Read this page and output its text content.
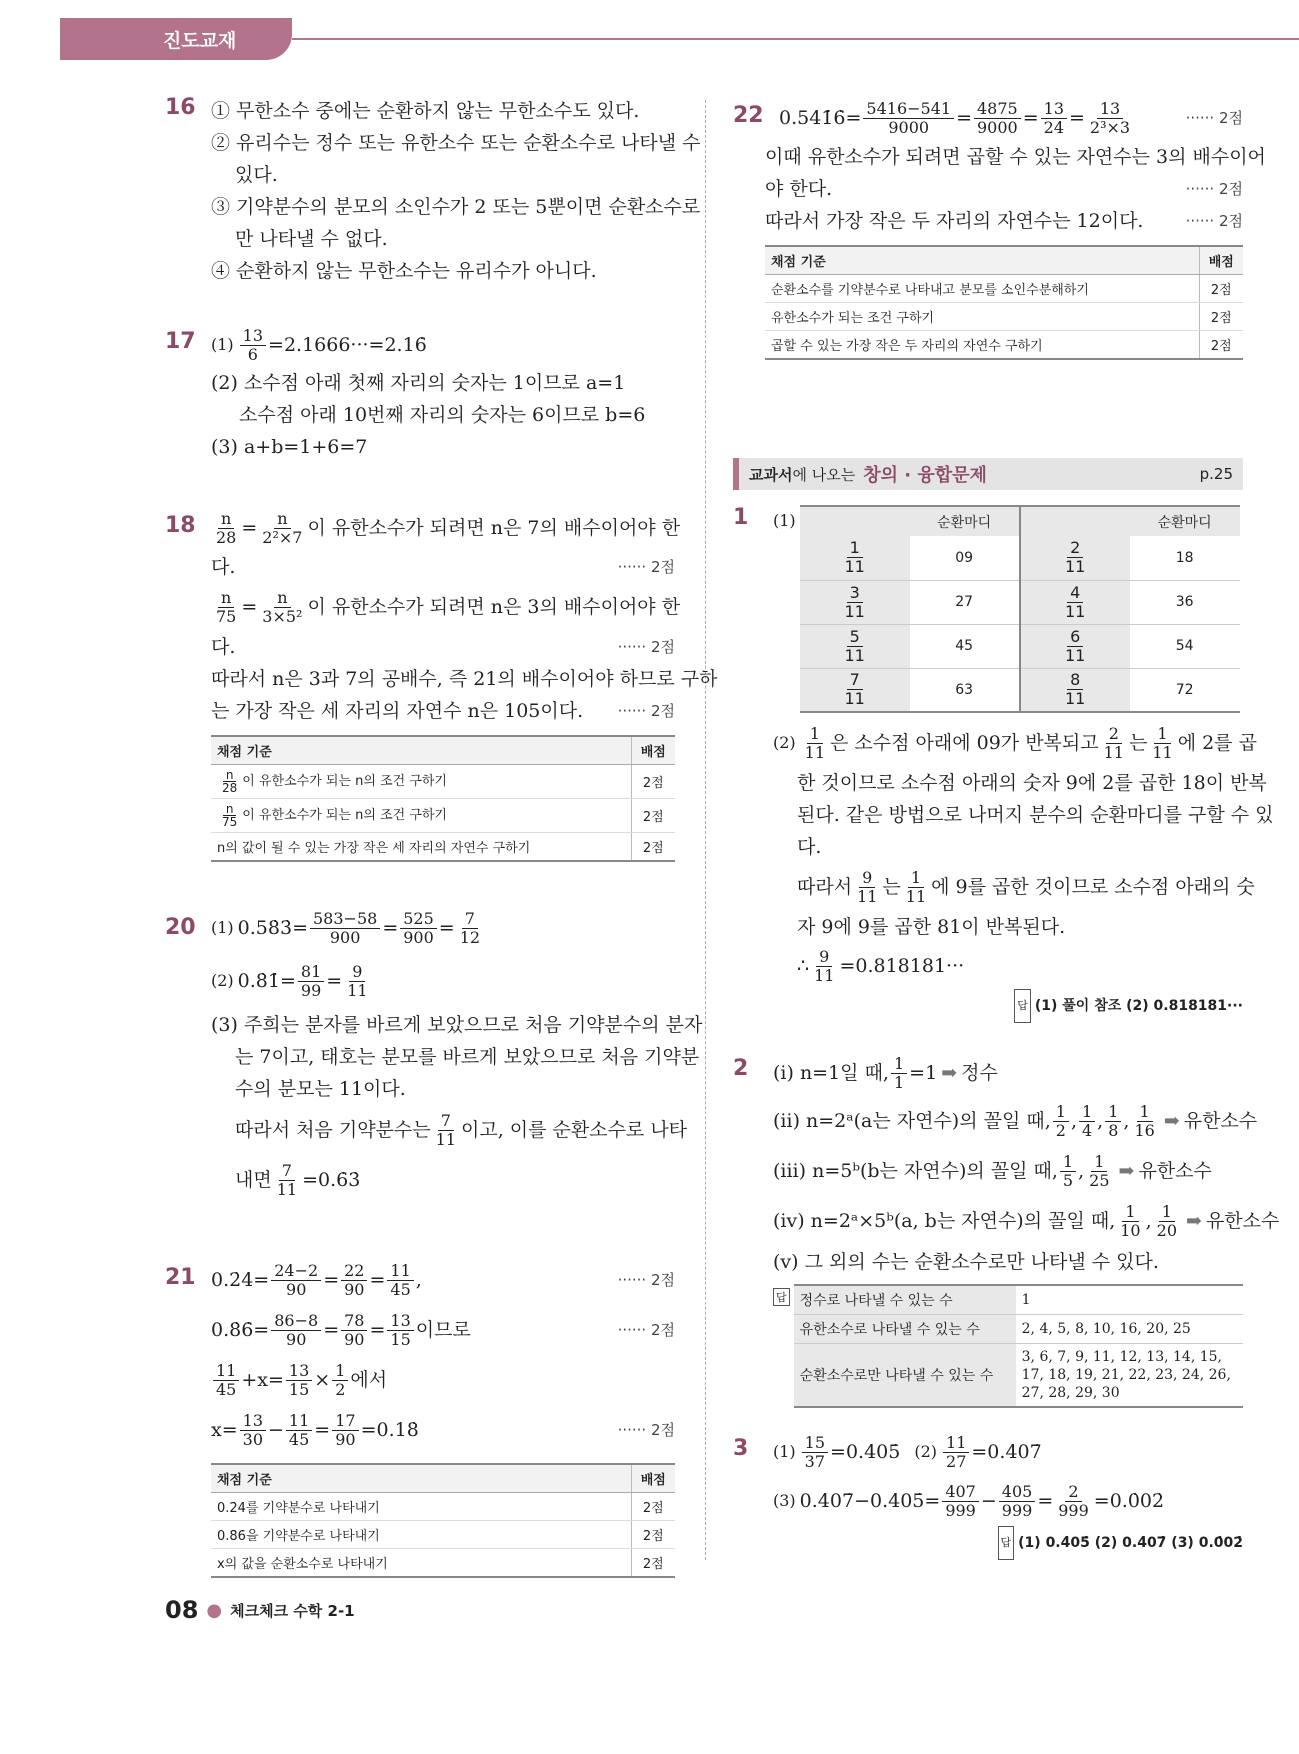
진도교재
16 ① 무한소수 중에는 순환하지 않는 무한소수도 있다.
② 유리수는 정수 또는 유한소수 또는 순환소수로 나타낼 수
있다.
③ 기약분수의 분모의 소인수가 2 또는 5뿐이면 순환소수로
만 나타낼 수 없다.
④ 순환하지 않는 무한소수는 유리수가 아니다.
17 $(1) \frac{13}{6}$ =2.1666···=2.16̇
(2) 소수점 아래 첫째 자리의 숫자는 1이므로 a=1
소수점 아래 10번째 자리의 숫자는 6이므로 b=6
(3) a+b=1+6=7
$18 \frac{n}{28} = \frac{n}{\text{2²×7}}$ 이 유한소수가 되려면 n은 7의 배수이어야 한
다.	······ 2점
$\frac{n}{75} = \frac{n}{\text{3×5²}}$ 이 유한소수가 되려면 n은 3의 배수이어야 한
다.	······ 2점
따라서 n은 3과 7의 공배수, 즉 21의 배수이어야 하므로 구하
는 가장 작은 세 자리의 자연수 n은 105이다. ······ 2점
채점 기준	배점

$\frac{n}{28}$ 이 유한소수가 되는 n의 조건 구하기	2점

$\frac{n}{75}$ 이 유한소수가 되는 n의 조건 구하기	2점
n의 값이 될 수 있는 가장 작은 세 자리의 자연수 구하기	2점
20 (1) 0.58̇3̇= $\frac{583-58}{900} = \frac{525}{900} = \frac{7}{12}$
(2) 0.8̇1̇= $\frac{81}{99} = \frac{9}{11}$
(3) 주희는 분자를 바르게 보았으므로 처음 기약분수의 분자
는 7이고, 태호는 분모를 바르게 보았으므로 처음 기약분
수의 분모는 11이다.
따라서 처음 기약분수는 $\frac{7}{11}$ 이고, 이를 순환소수로 나타
내면 $\frac{7}{11}$ =0.6̇3̇
21 0.2̇4̇= $\frac{24-2}{90} = \frac{22}{90} = \frac{11}{45}$ ,	······ 2점
0.8̇6̇= $\frac{86-8}{90} = \frac{78}{90} = \frac{13}{15}$ 이므로	······ 2점
$\frac{11}{45} +x= \frac{13}{15} \times \frac{1}{2}$ 에서
$x= \frac{13}{30} - \frac{11}{45} = \frac{17}{90}$ =0.18̇	······ 2점
채점 기준	배점
0.2̇4̇를 기약분수로 나타내기	2점
0.8̇6̇을 기약분수로 나타내기	2점
x의 값을 순환소수로 나타내기	2점
22 0.541̇6̇= $\frac{5416-541}{9000} = \frac{4875}{9000} = \frac{13}{24} = \frac{13}{\text{2³×3}}$	······ 2점
이때 유한소수가 되려면 곱할 수 있는 자연수는 3의 배수이어
야 한다.	······ 2점
따라서 가장 작은 두 자리의 자연수는 12이다.	······ 2점
채점 기준	배점
순환소수를 기약분수로 나타내고 분모를 소인수분해하기	2점
유한소수가 되는 조건 구하기	2점
곱할 수 있는 가장 작은 두 자리의 자연수 구하기	2점
교과서 에 나오는 창의 · 융합문제	p.25
1 (1)
		순환마디		순환마디

$\frac{1}{11}$	09	$\frac{2}{11}$	18

$\frac{3}{11}$	27	$\frac{4}{11}$	36

$\frac{5}{11}$	45	$\frac{6}{11}$	54

$\frac{7}{11}$	63	$\frac{8}{11}$	72
$(2) \frac{1}{11}$ 은 소수점 아래에 09가 반복되고 $\frac{2}{11}$ 는 $\frac{1}{11}$ 에 2를 곱
한 것이므로 소수점 아래의 숫자 9에 2를 곱한 18이 반복
된다. 같은 방법으로 나머지 분수의 순환마디를 구할 수 있
다.
따라서 $\frac{9}{11}$ 는 $\frac{1}{11}$ 에 9를 곱한 것이므로 소수점 아래의 숫
자 9에 9를 곱한 81이 반복된다.
∴ $\frac{9}{11} =0.818181\cdot\cdot\cdot$
답 (1) 풀이 참조 (2) 0.818181···
2 (ⅰ) n=1일 때, $\frac{1}{1} =1$ ➡ 정수
(ⅱ) n=2ᵃ(a는 자연수)의 꼴일 때, $\frac{1}{2}$ , $\frac{1}{4}$ , $\frac{1}{8}$ , $\frac{1}{16}$ ➡ 유한소수
(ⅲ) n=5ᵇ(b는 자연수)의 꼴일 때, $\frac{1}{5}$ , $\frac{1}{25}$ ➡ 유한소수
(ⅳ) n=2ᵃ×5ᵇ(a, b는 자연수)의 꼴일 때, $\frac{1}{10}$ , $\frac{1}{20}$ ➡ 유한소수
(ⅴ) 그 외의 수는 순환소수로만 나타낼 수 있다.
답 정수로 나타낼 수 있는 수	1
유한소수로 나타낼 수 있는 수	2, 4, 5, 8, 10, 16, 20, 25
순환소수로만 나타낼 수 있는 수	3, 6, 7, 9, 11, 12, 13, 14, 15, 17, 18, 19, 21, 22, 23, 24, 26, 27, 28, 29, 30
3 $(1) \frac{15}{37}$ =0.4̇05̇ $(2) \frac{11}{27}$ =0.4̇07̇
(3) 0.4̇07̇−0.4̇05̇= $\frac{407}{999} - \frac{405}{999} = \frac{2}{999}$ =0.0̇02̇
답 (1) 0.4̇05̇ (2) 0.4̇07̇ (3) 0.0̇02̇
08 ● 체크체크 수학 2-1
